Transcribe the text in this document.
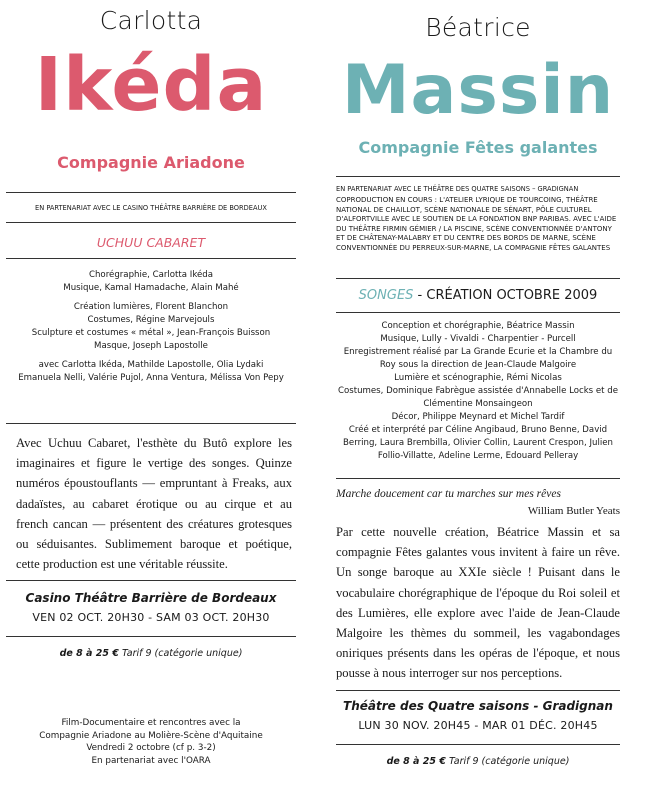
Carlotta
Ikéda
Compagnie Ariadone
EN PARTENARIAT AVEC LE CASINO THÉÂTRE BARRIÈRE DE BORDEAUX
UCHUU CABARET

Chorégraphie, Carlotta Ikéda

Musique, Kamal Hamadache, Alain Mahé

Création lumières, Florent Blanchon

Costumes, Régine Marvejouls

Sculpture et costumes « métal », Jean-François Buisson

Masque, Joseph Lapostolle

avec Carlotta Ikéda, Mathilde Lapostolle, Olia Lydaki

Emanuela Nelli, Valérie Pujol, Anna Ventura, Mélissa Von Pepy

Avec Uchuu Cabaret, l'esthète du Butô explore les imaginaires et figure le vertige des songes. Quinze numéros époustouflants — empruntant à Freaks, aux dadaïstes, au cabaret érotique ou au cirque et au french cancan — présentent des créatures grotesques ou séduisantes. Sublimement baroque et poétique, cette production est une véritable réussite.
Casino Théâtre Barrière de Bordeaux
VEN 02 OCT. 20H30 - SAM 03 OCT. 20H30
de 8 à 25 € Tarif 9 (catégorie unique)

Film-Documentaire et rencontres avec la

Compagnie Ariadone au Molière-Scène d'Aquitaine

Vendredi 2 octobre (cf p. 3-2)

En partenariat avec l'OARA

Béatrice
Massin
Compagnie Fêtes galantes
EN PARTENARIAT AVEC LE THÉÂTRE DES QUATRE SAISONS – GRADIGNAN
COPRODUCTION EN COURS : L'ATELIER LYRIQUE DE TOURCOING, THÉÂTRE NATIONAL DE CHAILLOT, SCÈNE NATIONALE DE SÉNART, PÔLE CULTUREL D'ALFORTVILLE AVEC LE SOUTIEN DE LA FONDATION BNP PARIBAS. AVEC L'AIDE DU THÉÂTRE FIRMIN GÉMIER / LA PISCINE, SCÈNE CONVENTIONNÉE D'ANTONY ET DE CHÂTENAY-MALABRY ET DU CENTRE DES BORDS DE MARNE, SCÈNE CONVENTIONNÉE DU PERREUX-SUR-MARNE, LA COMPAGNIE FÊTES GALANTES
SONGES - CRÉATION OCTOBRE 2009

Conception et chorégraphie, Béatrice Massin

Musique, Lully - Vivaldi - Charpentier - Purcell

Enregistrement réalisé par La Grande Ecurie et la Chambre du Roy sous la direction de Jean-Claude Malgoire

Lumière et scénographie, Rémi Nicolas

Costumes, Dominique Fabrègue assistée d'Annabelle Locks et de Clémentine Monsaingeon

Décor, Philippe Meynard et Michel Tardif

Créé et interprété par Céline Angibaud, Bruno Benne, David Berring, Laura Brembilla, Olivier Collin, Laurent Crespon, Julien Follio-Villatte, Adeline Lerme, Edouard Pelleray

Marche doucement car tu marches sur mes rêves
William Butler Yeats
Par cette nouvelle création, Béatrice Massin et sa compagnie Fêtes galantes vous invitent à faire un rêve. Un songe baroque au XXIe siècle ! Puisant dans le vocabulaire chorégraphique de l'époque du Roi soleil et des Lumières, elle explore avec l'aide de Jean-Claude Malgoire les thèmes du sommeil, les vagabondages oniriques présents dans les opéras de l'époque, et nous pousse à nous interroger sur nos perceptions.
Théâtre des Quatre saisons - Gradignan
LUN 30 NOV. 20H45 - MAR 01 DÉC. 20H45
de 8 à 25 € Tarif 9 (catégorie unique)
